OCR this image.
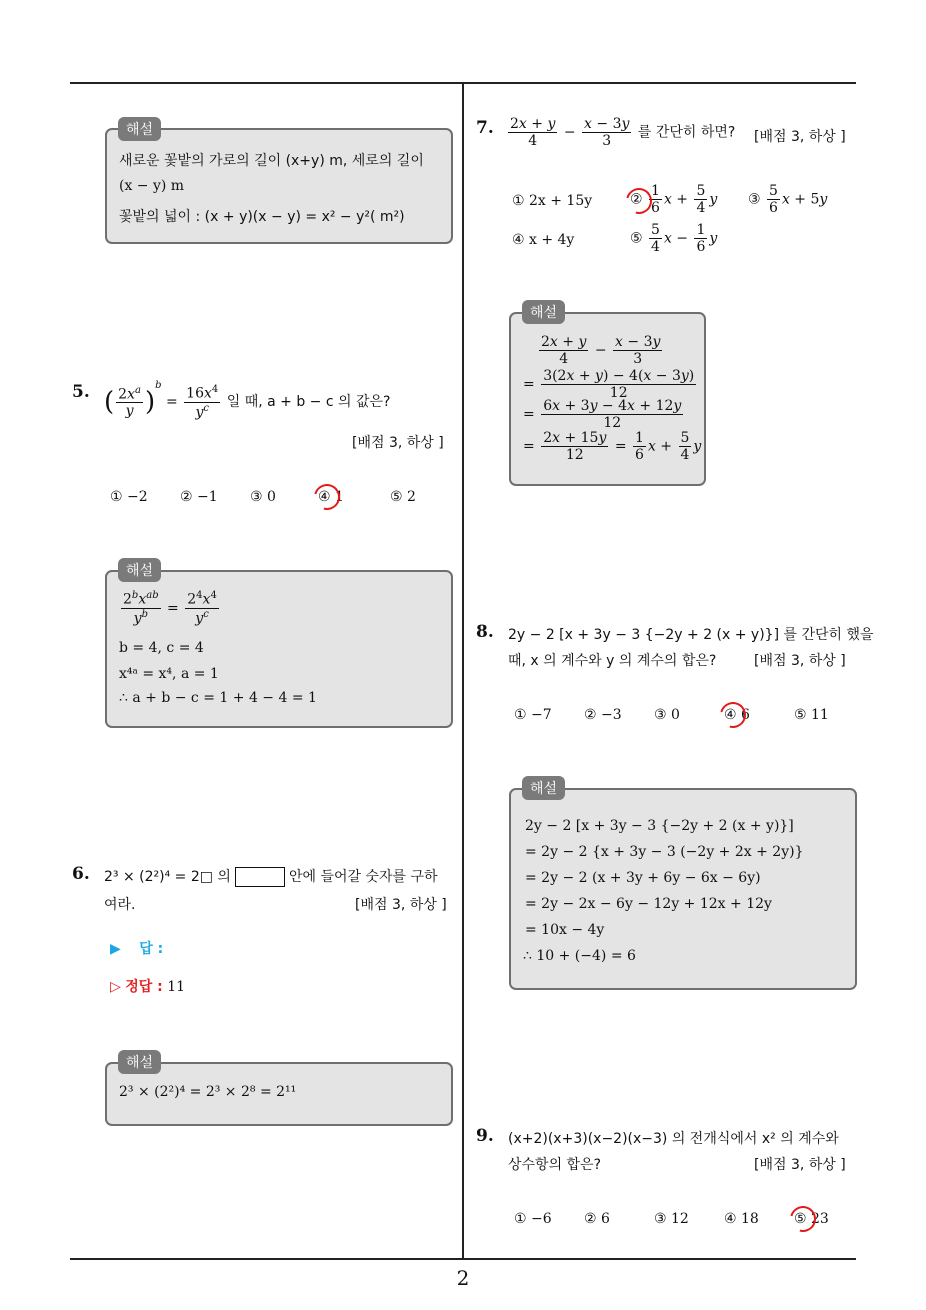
새로운 꽃밭의 가로의 길이 (x+y) m, 세로의 길이
(x − y) m
꽃밭의 넓이 : (x + y)(x − y) = x² − y²( m²)
해설
5. ( $\frac{2x^a}{y} )^b = \frac{16x^4}{y^c}$ 일 때, a + b − c 의 값은?
[배점 3, 하상 ]
① −2 ② −1 ③ 0	④ 1	⑤ 2
$\frac{2^bx^{ab}}{y^b} = \frac{2^4x^4}{y^c}$
b = 4, c = 4
x⁴ᵃ = x⁴, a = 1
∴ a + b − c = 1 + 4 − 4 = 1
해설
6. 2³ × (2²)⁴ = 2□ 의	안에 들어갈 숫자를 구하
여라.	[배점 3, 하상 ]
▶ 답 :
▷ 정답 : 11
2³ × (2²)⁴ = 2³ × 2⁸ = 2¹¹
해설
7. $\frac{2x + y}{4} - \frac{x - 3y}{3}$ 를 간단히 하면? [배점 3, 하상 ]
① 2x + 15y	② $\frac{1}{6}$ $x + \frac{5}{4}$ y ③ $\frac{5}{6}$ x + 5y
④ x + 4y	⑤ $\frac{5}{4}$ $x - \frac{1}{6}$ y
$\frac{2x + y}{4} - \frac{x - 3y}{3}$
= $\frac{3(2x + y) - 4(x - 3y)}{12}$
= $\frac{6x + 3y - 4x + 12y}{12}$
= $\frac{2x + 15y}{12} = \frac{1}{6}$ $x + \frac{5}{4}$ y
해설
8. 2y − 2 [x + 3y − 3 {−2y + 2 (x + y)}] 를 간단히 했을
때, x 의 계수와 y 의 계수의 합은?	[배점 3, 하상 ]
① −7 ② −3 ③ 0	④ 6	⑤ 11
2y − 2 [x + 3y − 3 {−2y + 2 (x + y)}]
= 2y − 2 {x + 3y − 3 (−2y + 2x + 2y)}
= 2y − 2 (x + 3y + 6y − 6x − 6y)
= 2y − 2x − 6y − 12y + 12x + 12y
= 10x − 4y
∴ 10 + (−4) = 6
해설
9. (x+2)(x+3)(x−2)(x−3) 의 전개식에서 x² 의 계수와
상수항의 합은?	[배점 3, 하상 ]
① −6 ② 6	③ 12	④ 18	⑤ 23
2
